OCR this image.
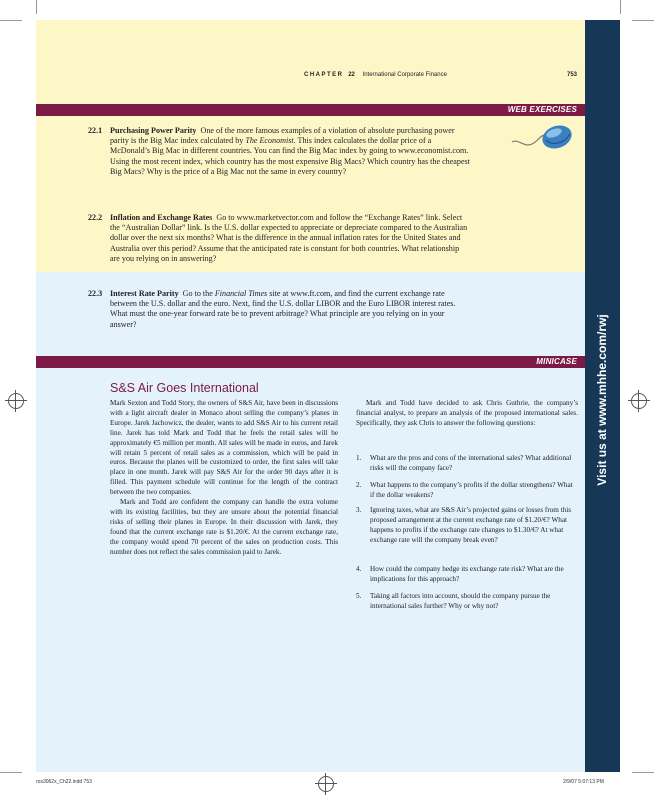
Visit us at www.mhhe.com/rwj
CHAPTER 22 International Corporate Finance	753
WEB EXERCISES
22.1 Purchasing Power Parity One of the more famous examples of a violation of absolute purchasing power parity is the Big Mac index calculated by The Economist. This index calculates the dollar price of a McDonald’s Big Mac in different countries. You can find the Big Mac index by going to www.economist.com. Using the most recent index, which country has the most expensive Big Macs? Which country has the cheapest Big Macs? Why is the price of a Big Mac not the same in every country?
22.2 Inflation and Exchange Rates Go to www.marketvector.com and follow the “Exchange Rates” link. Select the “Australian Dollar” link. Is the U.S. dollar expected to appreciate or depreciate compared to the Australian dollar over the next six months? What is the difference in the annual inflation rates for the United States and Australia over this period? Assume that the anticipated rate is constant for both countries. What relationship are you relying on in answering?
22.3 Interest Rate Parity Go to the Financial Times site at www.ft.com, and find the current exchange rate between the U.S. dollar and the euro. Next, find the U.S. dollar LIBOR and the Euro LIBOR interest rates. What must the one-year forward rate be to prevent arbitrage? What principle are you relying on in your answer?
MINICASE
S&S Air Goes International

Mark Sexton and Todd Story, the owners of S&S Air, have been in discussions with a light aircraft dealer in Monaco about selling the company’s planes in Europe. Jarek Jachowicz, the dealer, wants to add S&S Air to his current retail line. Jarek has told Mark and Todd that he feels the retail sales will be approximately €5 million per month. All sales will be made in euros, and Jarek will retain 5 percent of retail sales as a commission, which will be paid in euros. Because the planes will be customized to order, the first sales will take place in one month. Jarek will pay S&S Air for the order 90 days after it is filled. This payment schedule will continue for the length of the contract between the two companies.

Mark and Todd are confident the company can handle the extra volume with its existing facilities, but they are unsure about the potential financial risks of selling their planes in Europe. In their discussion with Jarek, they found that the current exchange rate is $1.20/€. At the current exchange rate, the company would spend 70 percent of the sales on production costs. This number does not reflect the sales commission paid to Jarek.

Mark and Todd have decided to ask Chris Guthrie, the company’s financial analyst, to prepare an analysis of the proposed international sales. Specifically, they ask Chris to answer the following questions:
1. What are the pros and cons of the international sales? What additional risks will the company face?
2. What happens to the company’s profits if the dollar strengthens? What if the dollar weakens?
3. Ignoring taxes, what are S&S Air’s projected gains or losses from this proposed arrangement at the current exchange rate of $1.20/€? What happens to profits if the exchange rate changes to $1.30/€? At what exchange rate will the company break even?
4. How could the company hedge its exchange rate risk? What are the implications for this approach?
5. Taking all factors into account, should the company pursue the international sales further? Why or why not?
ros3062x_Ch22.indd 753	2/9/07 5:07:13 PM
